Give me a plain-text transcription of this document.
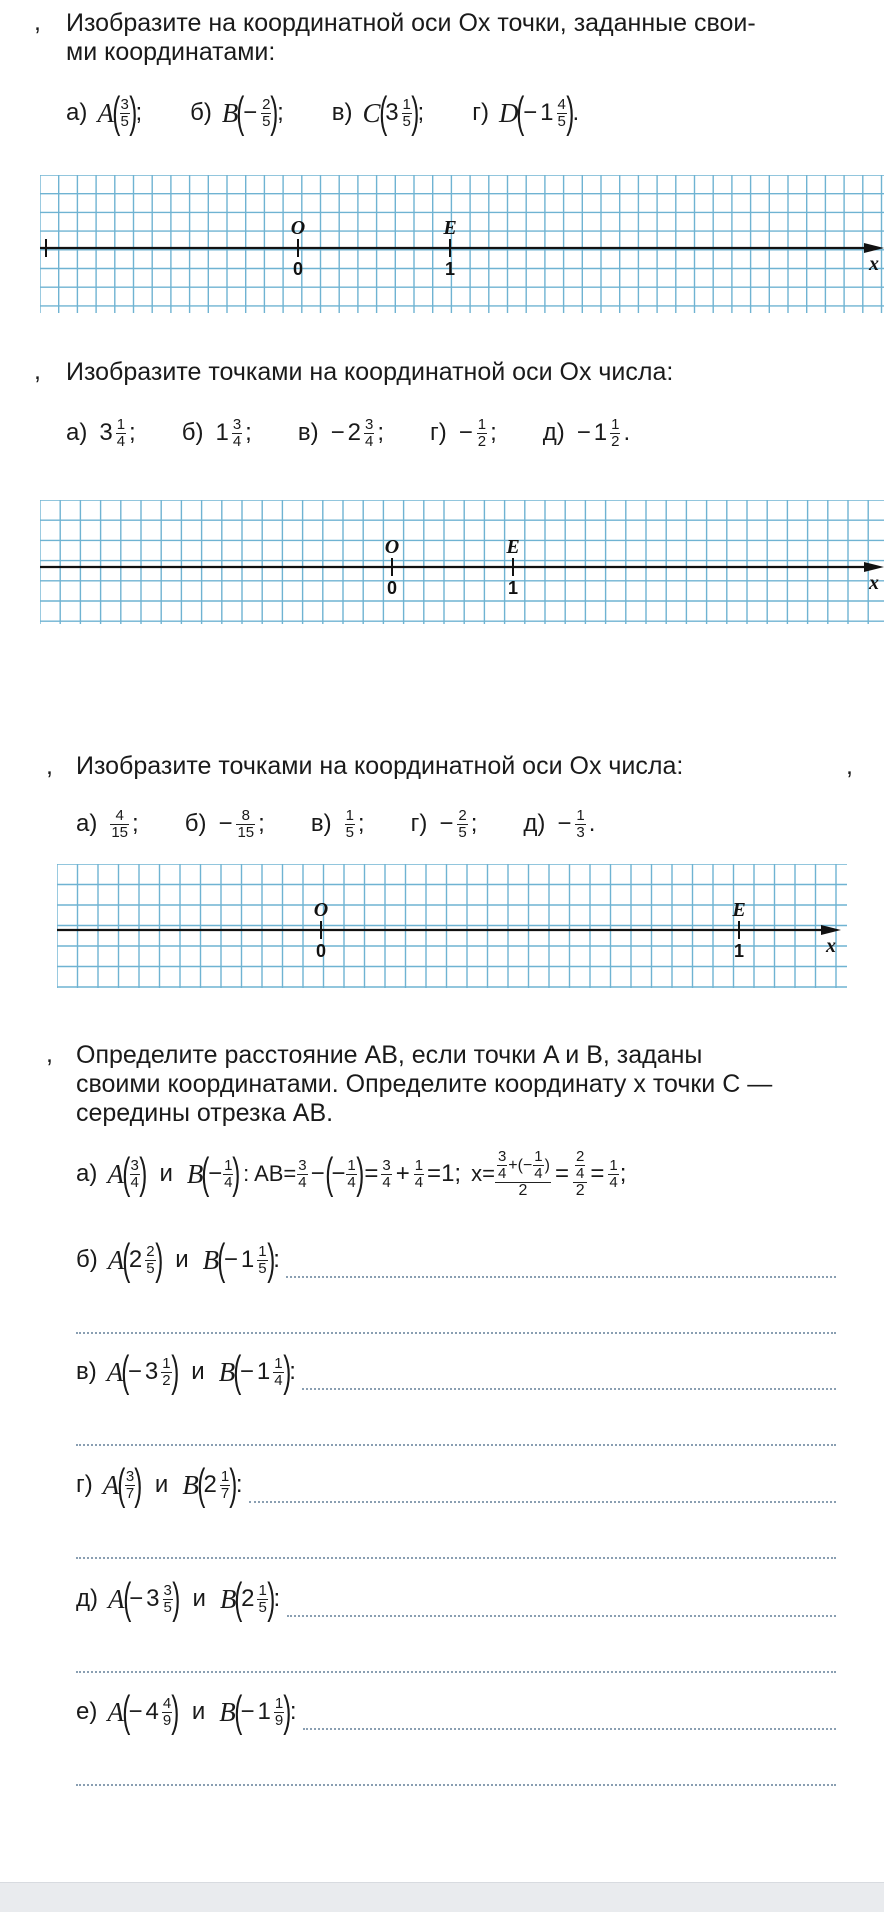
, Изобразите на координатной оси Ox точки, заданные свои-
ми координатами:
а) A
( $\frac{3}{5}$ )
; б) B
(
− $\frac{2}{5}$ )
; в) C
(
$3 \frac{1}{5}$ )
; г) D
(
− $1 \frac{4}{5}$ )
.
O	E
0	1	x
, Изобразите точками на координатной оси Ox числа:
а) $3 \frac{1}{4}$ ; б) $1 \frac{3}{4}$ ; $в) - 2 \frac{3}{4}$ ; $г) - \frac{1}{2}$ ; $д) - 1 \frac{1}{2}$ .
O	E
0	1	x
, Изобразите точками на координатной оси Ox числа:	,
$а) \frac{4}{15}$ ; $б) - \frac{8}{15}$ ; $в) \frac{1}{5}$ ; $г) - \frac{2}{5}$ ; $д) - \frac{1}{3}$ .
O	E
0	1	x
, Определите расстояние AB, если точки A и B, заданы
своими координатами. Определите координату x точки C —
середины отрезка AB.
а) A
( $\frac{3}{4}$ ) и B
(
− $\frac{1}{4}$ ) : $AB= \frac{3}{4}$ − (
− $\frac{1}{4}$ ) = $\frac{3}{4} + \frac{1}{4} =1$; $x= \frac{\frac{3}{4} +(- \frac{1}{4} )}{2} = \frac{\frac{2}{4}}{2} = \frac{1}{4}$ ;
б) A
(
$2 \frac{2}{5}$ ) и B
(
− $1 \frac{1}{5}$ )
:
в) A
(
− $3 \frac{1}{2}$ ) и B
(
− $1 \frac{1}{4}$ )
:
г) A
( $\frac{3}{7}$ ) и B
(
$2 \frac{1}{7}$ )
:
д) A
(
− $3 \frac{3}{5}$ ) и B
(
$2 \frac{1}{5}$ )
:
е) A
(
− $4 \frac{4}{9}$ ) и B
(
− $1 \frac{1}{9}$ )
:
